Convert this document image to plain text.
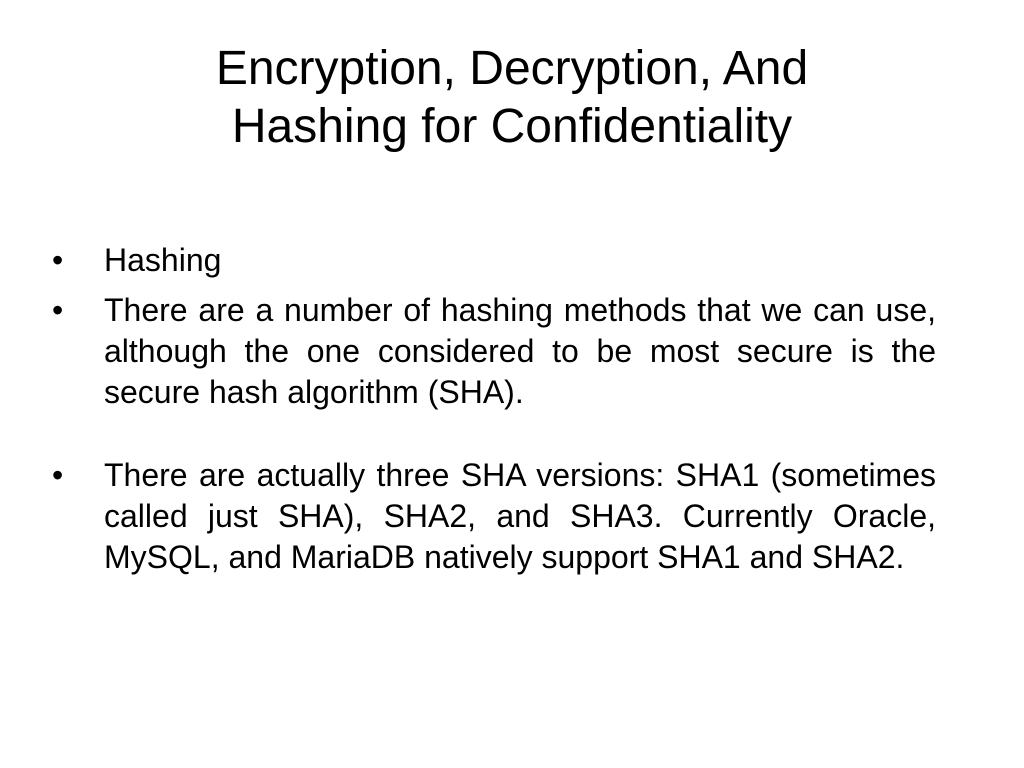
Encryption, Decryption, And
Hashing for Confidentiality
• Hashing
• There are a number of hashing methods that we can use, although the one considered to be most secure is the secure hash algorithm (SHA).
• There are actually three SHA versions: SHA1 (sometimes called just SHA), SHA2, and SHA3. Currently Oracle, MySQL, and MariaDB natively support SHA1 and SHA2.
